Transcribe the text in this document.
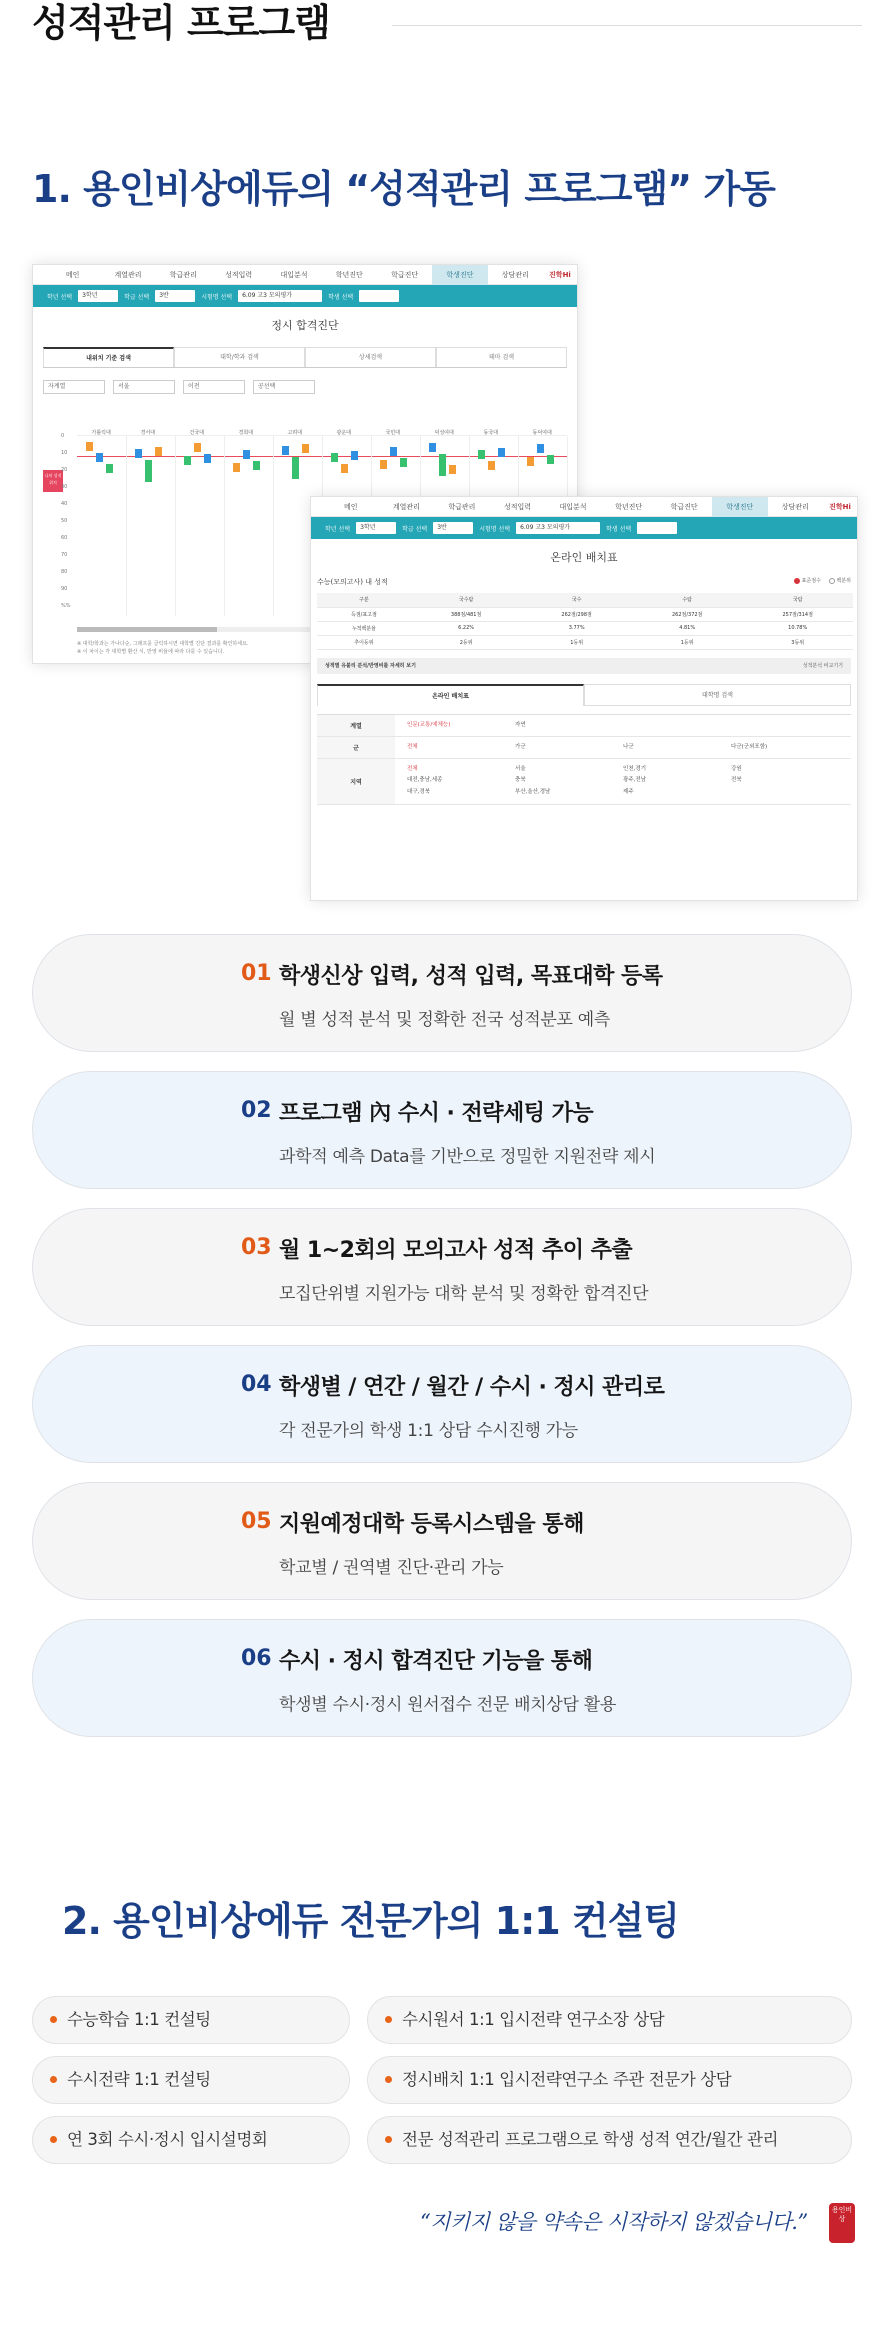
성적관리 프로그램
1. 용인비상에듀의 “성적관리 프로그램” 가동
메인	계열관리	학급관리	성적입력	대입분석	학년진단	학급진단	학생진단	상담관리	진학Hi
학년 선택	3학년	학급 선택	3반	시험명 선택	6.09 고3 모의평가	학생 선택
정시 합격진단
내위치 기준 검색	대학/학과 검색	상세검색	테마 검색
자계열	서울	이전	공선택
나의 성적 위치
0
10
20
30
40
50
60
70
80
90
%%
가톨릭대	경서대	건국대	경희대	고려대	광운대	국민대	덕성여대	동국대	동덕여대
※ 대학/학과는 가나다순, 그래프를 클릭하시면 대학별 진단 결과를 확인하세요.
※ 이 차이는 각 대학별 환산 식, 반영 비율에 따라 다를 수 있습니다.
메인	계열관리	학급관리	성적입력	대입분석	학년진단	학급진단	학생진단	상담관리	진학Hi
학년 선택	3학년	학급 선택	3반	시험명 선택	6.09 고3 모의평가	학생 선택
온라인 배치표
수능(모의고사) 내 성적	표준점수	백분위
구분	국수탐	국수	수탐	국탐
득점/표고점	388점/481점	262점/298점	262점/372점	257점/314점
누적백분율	6.22%	3.77%	4.81%	10.78%
추이등위	2등위	1등위	1등위	3등위
성적별 유불리 분석/반영비를 자세히 보기	성적분석 비교기기
온라인 배치표	대학명 검색
계열	인문(교통/예체능)	자연
군	전체	가군	나군	다군(군외포함)
지역
전체	서울	인천,경기	강원
대전,충남,세종	충북	광주,전남	전북
대구,경북	부산,울산,경남	제주
01 학생신상 입력, 성적 입력, 목표대학 등록
월 별 성적 분석 및 정확한 전국 성적분포 예측
02 프로그램 內 수시 · 전략세팅 가능
과학적 예측 Data를 기반으로 정밀한 지원전략 제시
03 월 1~2회의 모의고사 성적 추이 추출
모집단위별 지원가능 대학 분석 및 정확한 합격진단
04 학생별 / 연간 / 월간 / 수시 · 정시 관리로
각 전문가의 학생 1:1 상담 수시진행 가능
05 지원예정대학 등록시스템을 통해
학교별 / 권역별 진단·관리 가능
06 수시 · 정시 합격진단 기능을 통해
학생별 수시·정시 원서접수 전문 배치상담 활용
2. 용인비상에듀 전문가의 1:1 컨설팅
수능학습 1:1 컨설팅	수시원서 1:1 입시전략 연구소장 상담
수시전략 1:1 컨설팅	정시배치 1:1 입시전략연구소 주관 전문가 상담
연 3회 수시·정시 입시설명회	전문 성적관리 프로그램으로 학생 성적 연간/월간 관리
“지키지 않을 약속은 시작하지 않겠습니다.”	용인비상
